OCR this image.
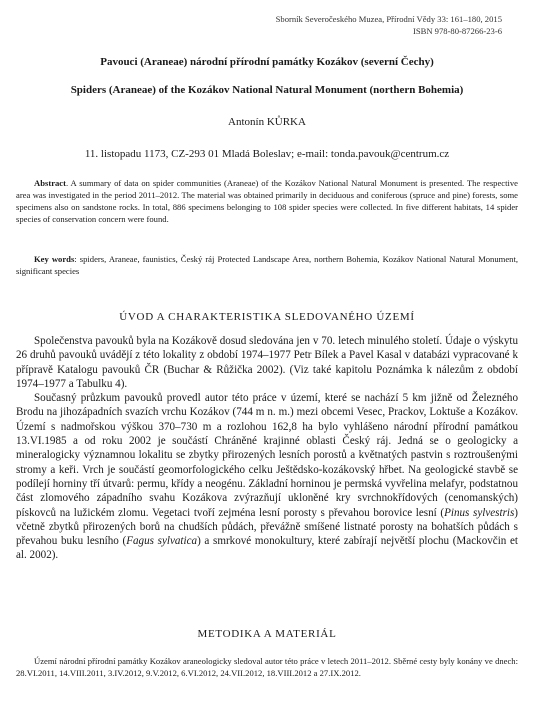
Sborník Severočeského Muzea, Přírodní Vědy 33: 161–180, 2015
ISBN 978-80-87266-23-6
Pavouci (Araneae) národní přírodní památky Kozákov (severní Čechy)
Spiders (Araneae) of the Kozákov National Natural Monument (northern Bohemia)
Antonín KŮRKA
11. listopadu 1173, CZ-293 01 Mladá Boleslav; e-mail: tonda.pavouk@centrum.cz
Abstract. A summary of data on spider communities (Araneae) of the Kozákov National Natural Monument is presented. The respective area was investigated in the period 2011–2012. The material was obtained primarily in deciduous and coniferous (spruce and pine) forests, some specimens also on sandstone rocks. In total, 886 specimens belonging to 108 spider species were collected. In five different habitats, 14 spider species of conservation concern were found.
Key words: spiders, Araneae, faunistics, Český ráj Protected Landscape Area, northern Bohemia, Kozákov National Natural Monument, significant species
ÚVOD A CHARAKTERISTIKA SLEDOVANÉHO ÚZEMÍ

Společenstva pavouků byla na Kozákově dosud sledována jen v 70. letech minulého století. Údaje o výskytu 26 druhů pavouků uvádějí z této lokality z období 1974–1977 Petr Bílek a Pavel Kasal v databázi vypracované k přípravě Katalogu pavouků ČR (Buchar & Růžička 2002). (Viz také kapitolu Poznámka k nálezům z období 1974–1977 a Tabulku 4).

Současný průzkum pavouků provedl autor této práce v území, které se nachází 5 km jižně od Železného Brodu na jihozápadních svazích vrchu Kozákov (744 m n. m.) mezi obcemi Vesec, Prackov, Loktuše a Kozákov. Území s nadmořskou výškou 370–730 m a rozlohou 162,8 ha bylo vyhlášeno národní přírodní památkou 13.VI.1985 a od roku 2002 je součástí Chráněné krajinné oblasti Český ráj. Jedná se o geologicky a mineralogicky významnou lokalitu se zbytky přirozených lesních porostů a květnatých pastvin s roztroušenými stromy a keři. Vrch je součástí geomorfologického celku Ještědsko-kozákovský hřbet. Na geologické stavbě se podílejí horniny tří útvarů: permu, křídy a neogénu. Základní horninou je permská vyvřelina melafyr, podstatnou část zlomového západního svahu Kozákova zvýrazňují ukloněné kry svrchnokřídových (cenomanských) pískovců na lužickém zlomu. Vegetaci tvoří zejména lesní porosty s převahou borovice lesní (Pinus sylvestris) včetně zbytků přirozených borů na chudších půdách, převážně smíšené listnaté porosty na bohatších půdách s převahou buku lesního (Fagus sylvatica) a smrkové monokultury, které zabírají největší plochu (Mackovčin et al. 2002).

METODIKA A MATERIÁL
Území národní přírodní památky Kozákov araneologicky sledoval autor této práce v letech 2011–2012. Sběrné cesty byly konány ve dnech: 28.VI.2011, 14.VIII.2011, 3.IV.2012, 9.V.2012, 6.VI.2012, 24.VII.2012, 18.VIII.2012 a 27.IX.2012.
